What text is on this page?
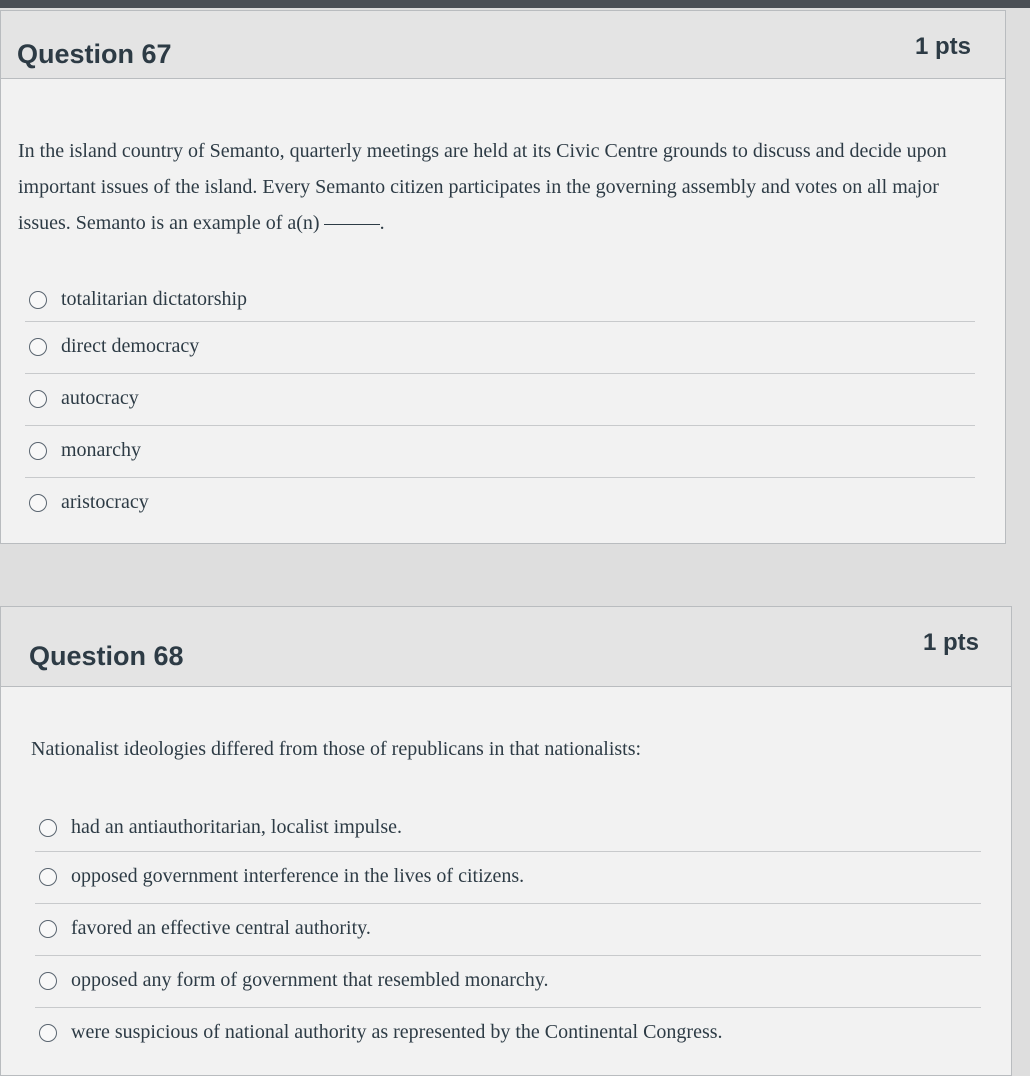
Question 67	1 pts
In the island country of Semanto, quarterly meetings are held at its Civic Centre grounds to discuss and decide upon important issues of the island. Every Semanto citizen participates in the governing assembly and votes on all major issues. Semanto is an example of a(n)	.
totalitarian dictatorship
direct democracy
autocracy
monarchy
aristocracy
Question 68	1 pts
Nationalist ideologies differed from those of republicans in that nationalists:
had an antiauthoritarian, localist impulse.
opposed government interference in the lives of citizens.
favored an effective central authority.
opposed any form of government that resembled monarchy.
were suspicious of national authority as represented by the Continental Congress.
